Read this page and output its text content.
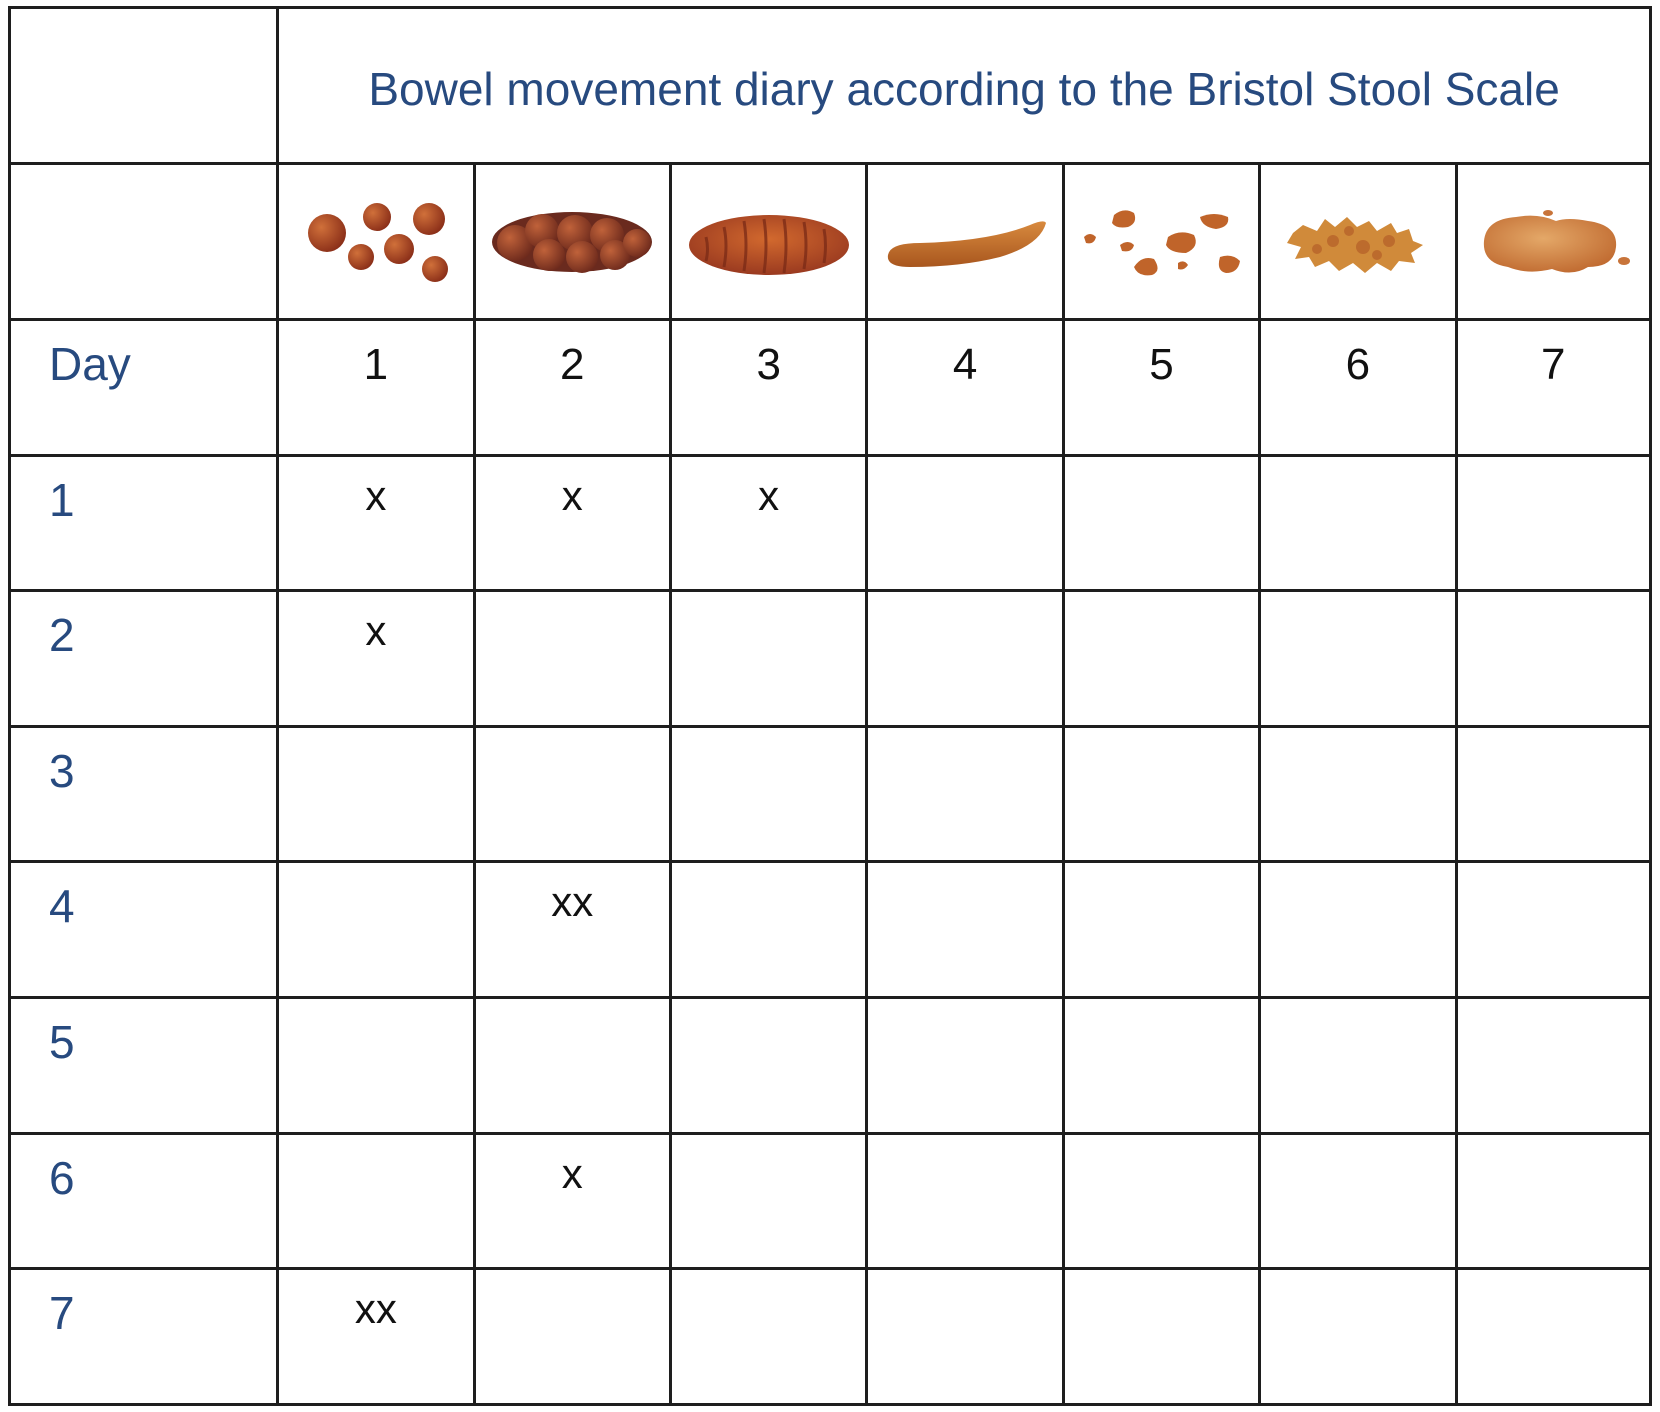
	Bowel movement diary according to the Bristol Stool Scale						

Day	1	2	3	4	5	6	7

1	x	x	x				

2	x						

3							

4		xx					

5							

6		x					

7	xx						
